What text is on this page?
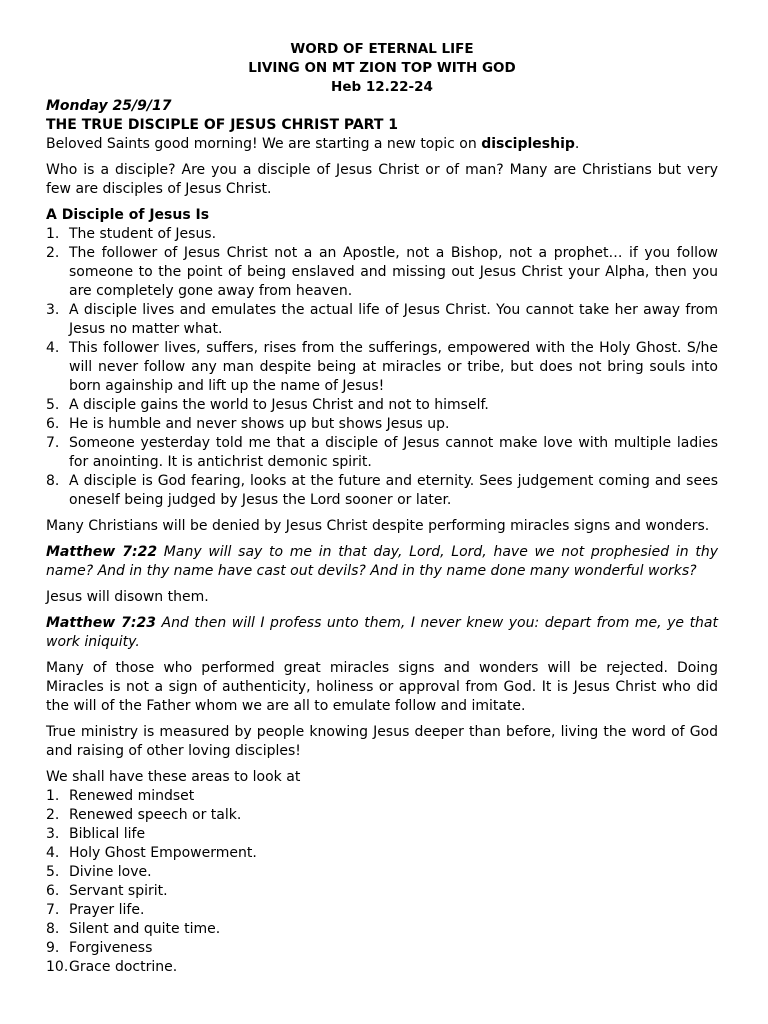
WORD OF ETERNAL LIFE
LIVING ON MT ZION TOP WITH GOD
Heb 12.22-24
Monday 25/9/17
THE TRUE DISCIPLE OF JESUS CHRIST PART 1

Beloved Saints good morning! We are starting a new topic on discipleship.

Who is a disciple? Are you a disciple of Jesus Christ or of man? Many are Christians but very few are disciples of Jesus Christ.

A Disciple of Jesus Is
1. The student of Jesus.
2. The follower of Jesus Christ not a an Apostle, not a Bishop, not a prophet… if you follow someone to the point of being enslaved and missing out Jesus Christ your Alpha, then you are completely gone away from heaven.
3. A disciple lives and emulates the actual life of Jesus Christ. You cannot take her away from Jesus no matter what.
4. This follower lives, suffers, rises from the sufferings, empowered with the Holy Ghost. S/he will never follow any man despite being at miracles or tribe, but does not bring souls into born againship and lift up the name of Jesus!
5. A disciple gains the world to Jesus Christ and not to himself.
6. He is humble and never shows up but shows Jesus up.
7. Someone yesterday told me that a disciple of Jesus cannot make love with multiple ladies for anointing. It is antichrist demonic spirit.
8. A disciple is God fearing, looks at the future and eternity. Sees judgement coming and sees oneself being judged by Jesus the Lord sooner or later.

Many Christians will be denied by Jesus Christ despite performing miracles signs and wonders.

Matthew 7:22 Many will say to me in that day, Lord, Lord, have we not prophesied in thy name? And in thy name have cast out devils? And in thy name done many wonderful works?

Jesus will disown them.

Matthew 7:23 And then will I profess unto them, I never knew you: depart from me, ye that work iniquity.

Many of those who performed great miracles signs and wonders will be rejected. Doing Miracles is not a sign of authenticity, holiness or approval from God. It is Jesus Christ who did the will of the Father whom we are all to emulate follow and imitate.

True ministry is measured by people knowing Jesus deeper than before, living the word of God and raising of other loving disciples!

We shall have these areas to look at

1. Renewed mindset
2. Renewed speech or talk.
3. Biblical life
4. Holy Ghost Empowerment.
5. Divine love.
6. Servant spirit.
7. Prayer life.
8. Silent and quite time.
9. Forgiveness
10. Grace doctrine.
